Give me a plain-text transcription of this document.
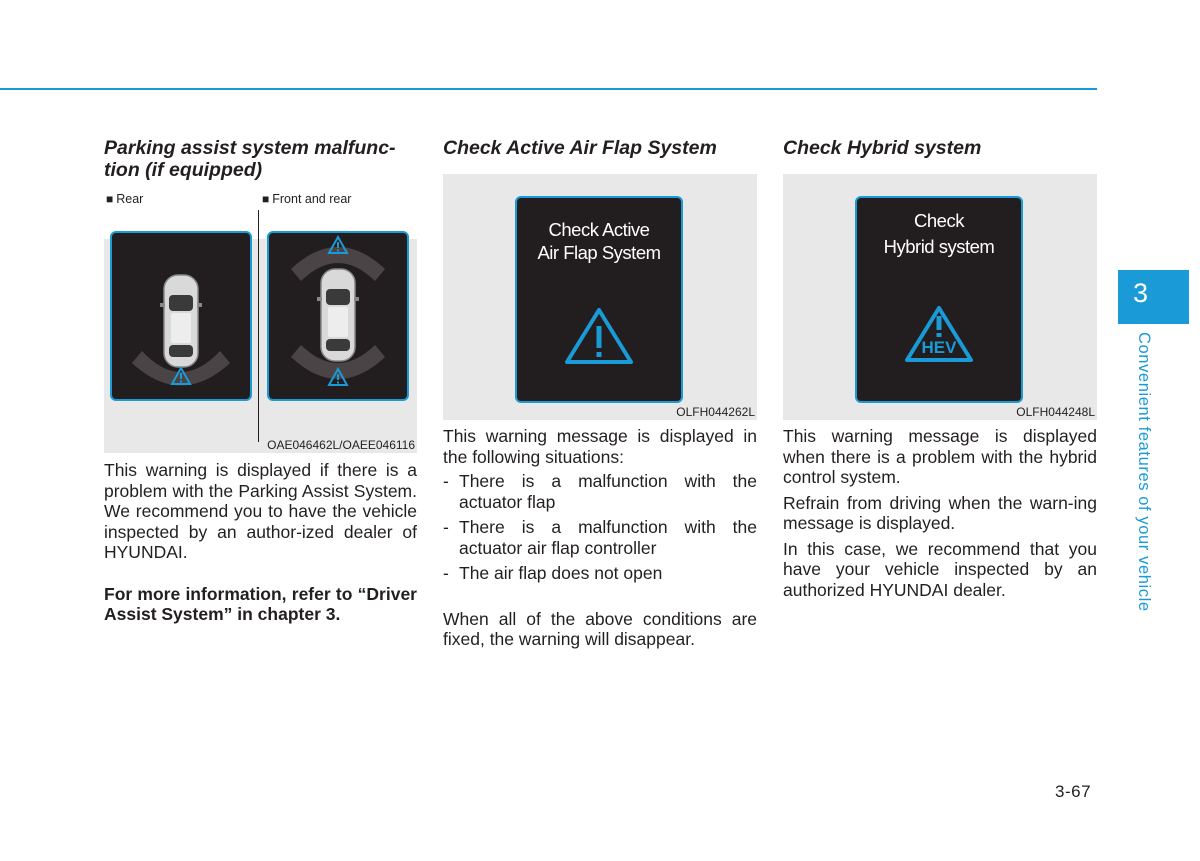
Parking assist system malfunc-
tion (if equipped)
■ Rear	■ Front and rear
OAE046462L/OAEE046116

This warning is displayed if there is a problem with the Parking Assist System. We recommend you to have the vehicle inspected by an author-ized dealer of HYUNDAI.

For more information, refer to “Driver Assist System” in chapter 3.

Check Active Air Flap System
Check Active
Air Flap System
OLFH044262L

This warning message is displayed in the following situations:

- There is a malfunction with the actuator flap
- There is a malfunction with the actuator air flap controller
- The air flap does not open

When all of the above conditions are fixed, the warning will disappear.

Check Hybrid system
Check
Hybrid system
HEV
OLFH044248L

This warning message is displayed when there is a problem with the hybrid control system.

Refrain from driving when the warn-ing message is displayed.

In this case, we recommend that you have your vehicle inspected by an authorized HYUNDAI dealer.

3
Convenient features of your vehicle
3-67
